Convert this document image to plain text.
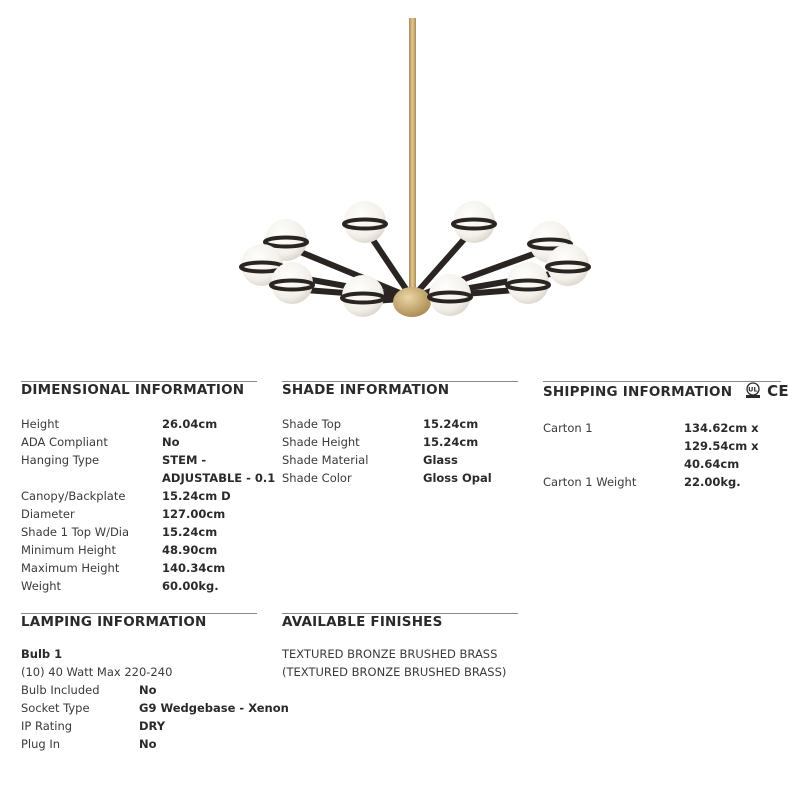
DIMENSIONAL INFORMATION
Height	26.04cm
ADA Compliant	No
Hanging Type	STEM -
ADJUSTABLE - 0.1
Canopy/Backplate	15.24cm D
Diameter	127.00cm
Shade 1 Top W/Dia	15.24cm
Minimum Height	48.90cm
Maximum Height	140.34cm
Weight	60.00kg.
SHADE INFORMATION
Shade Top	15.24cm
Shade Height	15.24cm
Shade Material	Glass
Shade Color	Gloss Opal
SHIPPING INFORMATION UL CE
Carton 1	134.62cm x
129.54cm x
40.64cm
Carton 1 Weight	22.00kg.
LAMPING INFORMATION
Bulb 1
(10) 40 Watt Max 220-240
Bulb Included	No
Socket Type	G9 Wedgebase - Xenon
IP Rating	DRY
Plug In	No
AVAILABLE FINISHES
TEXTURED BRONZE BRUSHED BRASS
(TEXTURED BRONZE BRUSHED BRASS)
